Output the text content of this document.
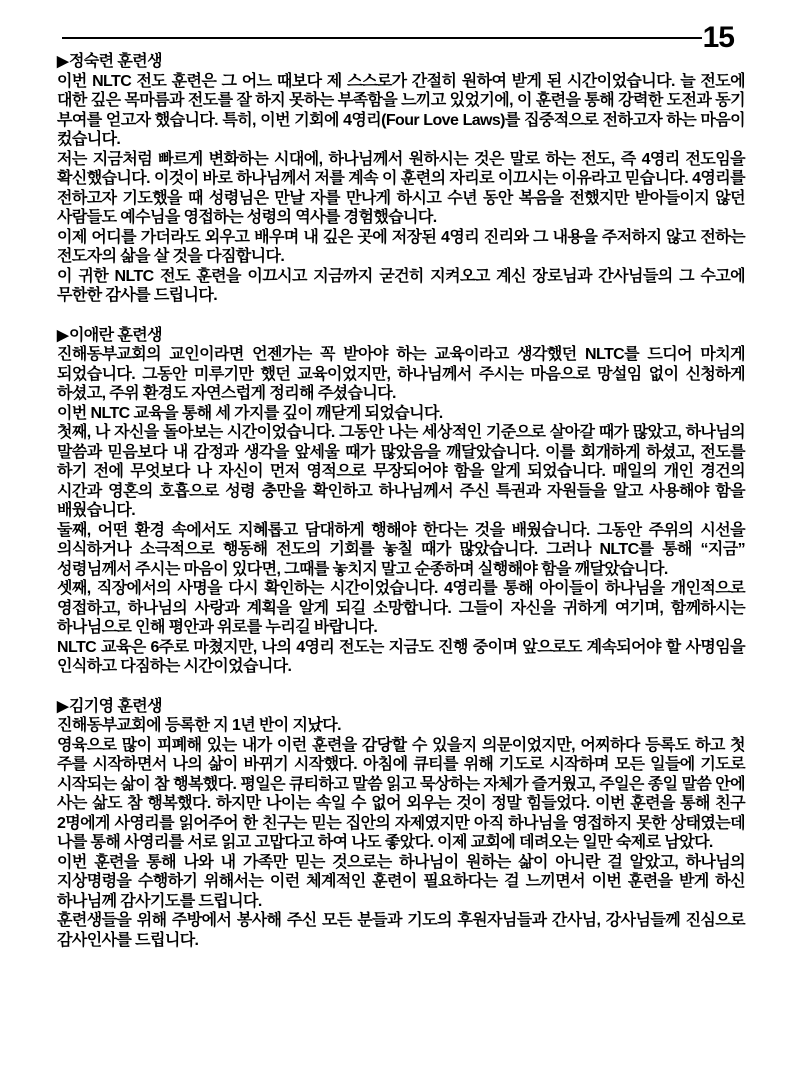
15
▶ 정숙련 훈련생

이번 NLTC 전도 훈련은 그 어느 때보다 제 스스로가 간절히 원하여 받게 된 시간이었습니다. 늘 전도에 대한 깊은 목마름과 전도를 잘 하지 못하는 부족함을 느끼고 있었기에, 이 훈련을 통해 강력한 도전과 동기 부여를 얻고자 했습니다. 특히, 이번 기회에 4영리(Four Love Laws)를 집중적으로 전하고자 하는 마음이 컸습니다.

저는 지금처럼 빠르게 변화하는 시대에, 하나님께서 원하시는 것은 말로 하는 전도, 즉 4영리 전도임을 확신했습니다. 이것이 바로 하나님께서 저를 계속 이 훈련의 자리로 이끄시는 이유라고 믿습니다. 4영리를 전하고자 기도했을 때 성령님은 만날 자를 만나게 하시고 수년 동안 복음을 전했지만 받아들이지 않던 사람들도 예수님을 영접하는 성령의 역사를 경험했습니다.

이제 어디를 가더라도 외우고 배우며 내 깊은 곳에 저장된 4영리 진리와 그 내용을 주저하지 않고 전하는 전도자의 삶을 살 것을 다짐합니다.

이 귀한 NLTC 전도 훈련을 이끄시고 지금까지 굳건히 지켜오고 계신 장로님과 간사님들의 그 수고에 무한한 감사를 드립니다.

▶ 이애란 훈련생

진해동부교회의 교인이라면 언젠가는 꼭 받아야 하는 교육이라고 생각했던 NLTC를 드디어 마치게 되었습니다. 그동안 미루기만 했던 교육이었지만, 하나님께서 주시는 마음으로 망설임 없이 신청하게 하셨고, 주위 환경도 자연스럽게 정리해 주셨습니다.

이번 NLTC 교육을 통해 세 가지를 깊이 깨닫게 되었습니다.

첫째, 나 자신을 돌아보는 시간이었습니다. 그동안 나는 세상적인 기준으로 살아갈 때가 많았고, 하나님의 말씀과 믿음보다 내 감정과 생각을 앞세울 때가 많았음을 깨달았습니다. 이를 회개하게 하셨고, 전도를 하기 전에 무엇보다 나 자신이 먼저 영적으로 무장되어야 함을 알게 되었습니다. 매일의 개인 경건의 시간과 영혼의 호흡으로 성령 충만을 확인하고 하나님께서 주신 특권과 자원들을 알고 사용해야 함을 배웠습니다.

둘째, 어떤 환경 속에서도 지혜롭고 담대하게 행해야 한다는 것을 배웠습니다. 그동안 주위의 시선을 의식하거나 소극적으로 행동해 전도의 기회를 놓칠 때가 많았습니다. 그러나 NLTC를 통해 “지금” 성령님께서 주시는 마음이 있다면, 그때를 놓치지 말고 순종하며 실행해야 함을 깨달았습니다.

셋째, 직장에서의 사명을 다시 확인하는 시간이었습니다. 4영리를 통해 아이들이 하나님을 개인적으로 영접하고, 하나님의 사랑과 계획을 알게 되길 소망합니다. 그들이 자신을 귀하게 여기며, 함께하시는 하나님으로 인해 평안과 위로를 누리길 바랍니다.

NLTC 교육은 6주로 마쳤지만, 나의 4영리 전도는 지금도 진행 중이며 앞으로도 계속되어야 할 사명임을 인식하고 다짐하는 시간이었습니다.

▶ 김기영 훈련생

진해동부교회에 등록한 지 1년 반이 지났다.

영육으로 많이 피폐해 있는 내가 이런 훈련을 감당할 수 있을지 의문이었지만, 어찌하다 등록도 하고 첫 주를 시작하면서 나의 삶이 바뀌기 시작했다. 아침에 큐티를 위해 기도로 시작하며 모든 일들에 기도로 시작되는 삶이 참 행복했다. 평일은 큐티하고 말씀 읽고 묵상하는 자체가 즐거웠고, 주일은 종일 말씀 안에 사는 삶도 참 행복했다. 하지만 나이는 속일 수 없어 외우는 것이 정말 힘들었다. 이번 훈련을 통해 친구 2명에게 사영리를 읽어주어 한 친구는 믿는 집안의 자제였지만 아직 하나님을 영접하지 못한 상태였는데 나를 통해 사영리를 서로 읽고 고맙다고 하여 나도 좋았다. 이제 교회에 데려오는 일만 숙제로 남았다.

이번 훈련을 통해 나와 내 가족만 믿는 것으로는 하나님이 원하는 삶이 아니란 걸 알았고, 하나님의 지상명령을 수행하기 위해서는 이런 체계적인 훈련이 필요하다는 걸 느끼면서 이번 훈련을 받게 하신 하나님께 감사기도를 드립니다.

훈련생들을 위해 주방에서 봉사해 주신 모든 분들과 기도의 후원자님들과 간사님, 강사님들께 진심으로 감사인사를 드립니다.
